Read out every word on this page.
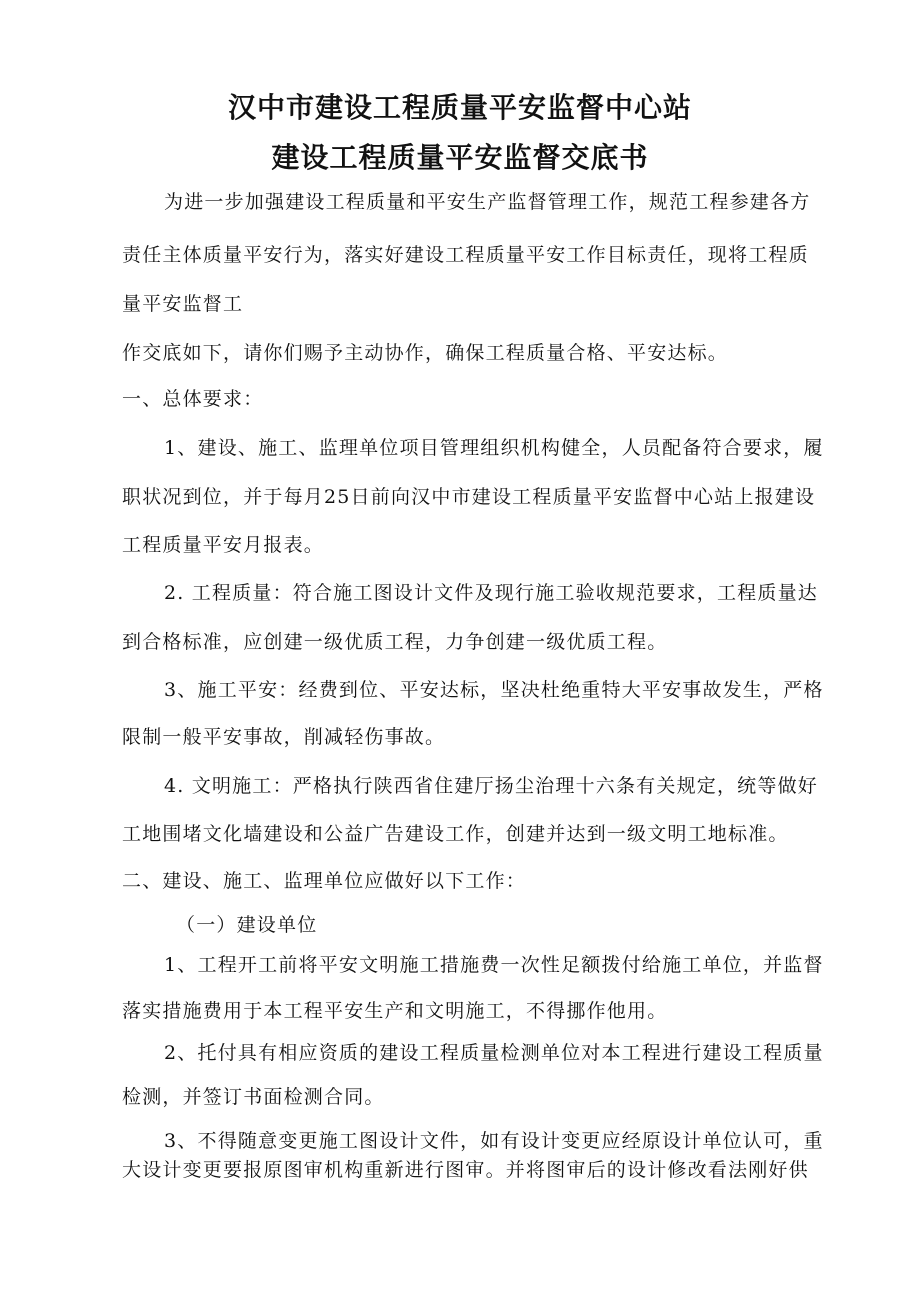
汉中市建设工程质量平安监督中心站
建设工程质量平安监督交底书
为进一步加强建设工程质量和平安生产监督管理工作，规范工程参建各方
责任主体质量平安行为，落实好建设工程质量平安工作目标责任，现将工程质
量平安监督工
作交底如下，请你们赐予主动协作，确保工程质量合格、平安达标。
一、总体要求：
1、建设、施工、监理单位项目管理组织机构健全，人员配备符合要求，履
职状况到位，并于每月25日前向汉中市建设工程质量平安监督中心站上报建设
工程质量平安月报表。
2. 工程质量：符合施工图设计文件及现行施工验收规范要求，工程质量达
到合格标准，应创建一级优质工程，力争创建一级优质工程。
3、施工平安：经费到位、平安达标，坚决杜绝重特大平安事故发生，严格
限制一般平安事故，削减轻伤事故。
4. 文明施工：严格执行陕西省住建厅扬尘治理十六条有关规定，统等做好
工地围堵文化墙建设和公益广告建设工作，创建并达到一级文明工地标准。
二、建设、施工、监理单位应做好以下工作：
（一）建设单位
1、工程开工前将平安文明施工措施费一次性足额拨付给施工单位，并监督
落实措施费用于本工程平安生产和文明施工，不得挪作他用。
2、托付具有相应资质的建设工程质量检测单位对本工程进行建设工程质量
检测，并签订书面检测合同。
3、不得随意变更施工图设计文件，如有设计变更应经原设计单位认可，重
大设计变更要报原图审机构重新进行图审。并将图审后的设计修改看法刚好供
